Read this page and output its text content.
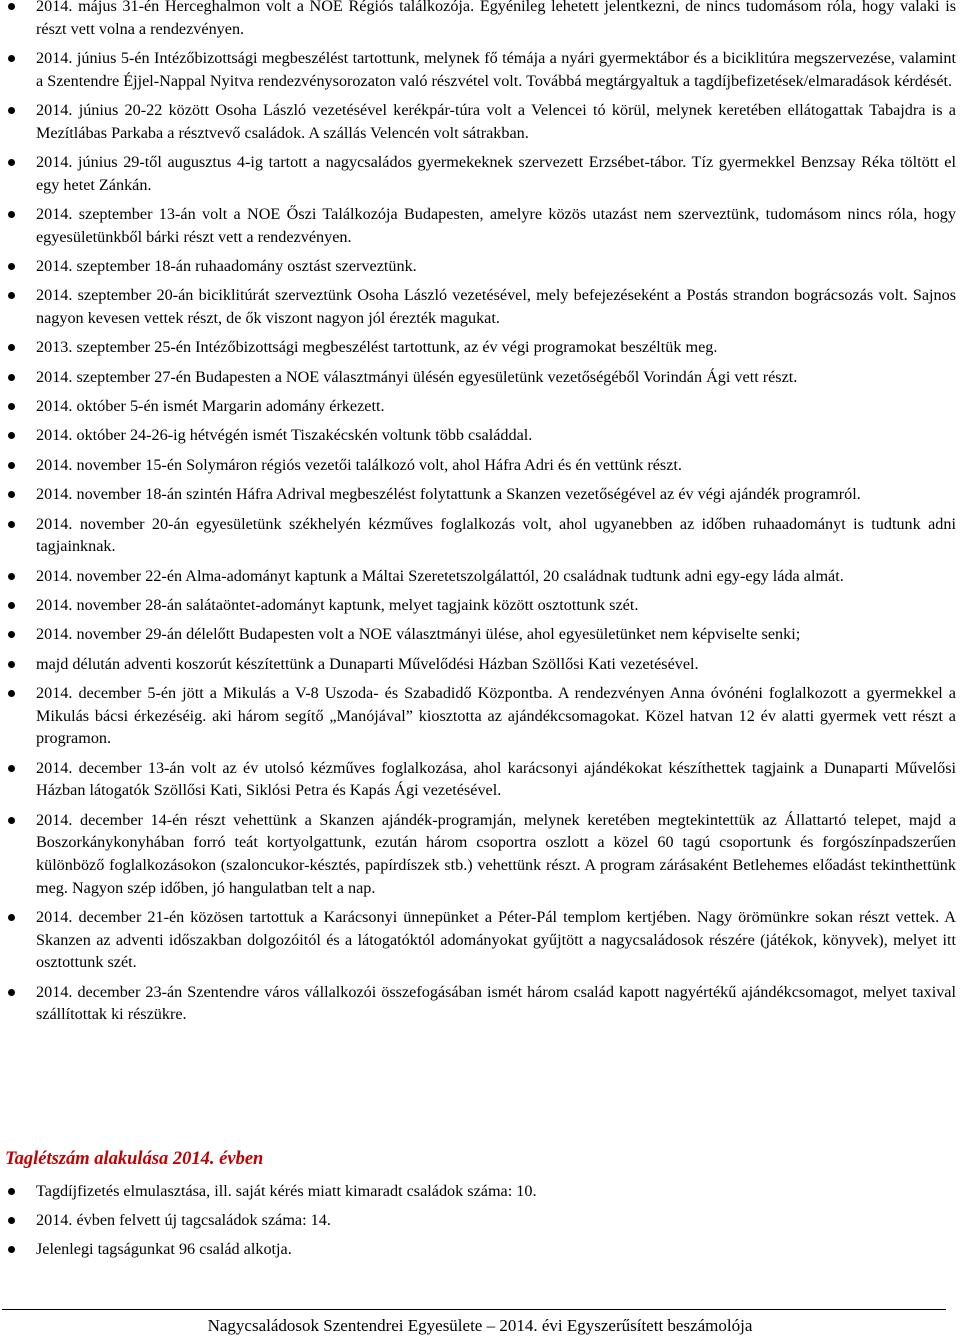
2014. május 31-én Herceghalmon volt a NOE Régiós találkozója. Egyénileg lehetett jelentkezni, de nincs tudomásom róla, hogy valaki is részt vett volna a rendezvényen.
2014. június 5-én Intézőbizottsági megbeszélést tartottunk, melynek fő témája a nyári gyermektábor és a biciklitúra megszervezése, valamint a Szentendre Éjjel-Nappal Nyitva rendezvénysorozaton való részvétel volt. Továbbá megtárgyaltuk a tagdíjbefizetések/elmaradások kérdését.
2014. június 20-22 között Osoha László vezetésével kerékpár-túra volt a Velencei tó körül, melynek keretében ellátogattak Tabajdra is a Mezítlábas Parkaba a résztvevő családok. A szállás Velencén volt sátrakban.
2014. június 29-től augusztus 4-ig tartott a nagycsaládos gyermekeknek szervezett Erzsébet-tábor. Tíz gyermekkel Benzsay Réka töltött el egy hetet Zánkán.
2014. szeptember 13-án volt a NOE Őszi Találkozója Budapesten, amelyre közös utazást nem szerveztünk, tudomásom nincs róla, hogy egyesületünkből bárki részt vett a rendezvényen.
2014. szeptember 18-án ruhaadomány osztást szerveztünk.
2014. szeptember 20-án biciklitúrát szerveztünk Osoha László vezetésével, mely befejezéseként a Postás strandon bográcsozás volt. Sajnos nagyon kevesen vettek részt, de ők viszont nagyon jól érezték magukat.
2013. szeptember 25-én Intézőbizottsági megbeszélést tartottunk, az év végi programokat beszéltük meg.
2014. szeptember 27-én Budapesten a NOE választmányi ülésén egyesületünk vezetőségéből Vorindán Ági vett részt.
2014. október 5-én ismét Margarin adomány érkezett.
2014. október 24-26-ig hétvégén ismét Tiszakécskén voltunk több családdal.
2014. november 15-én Solymáron régiós vezetői találkozó volt, ahol Háfra Adri és én vettünk részt.
2014. november 18-án szintén Háfra Adrival megbeszélést folytattunk a Skanzen vezetőségével az év végi ajándék programról.
2014. november 20-án egyesületünk székhelyén kézműves foglalkozás volt, ahol ugyanebben az időben ruhaadományt is tudtunk adni tagjainknak.
2014. november 22-én Alma-adományt kaptunk a Máltai Szeretetszolgálattól, 20 családnak tudtunk adni egy-egy láda almát.
2014. november 28-án salátaöntet-adományt kaptunk, melyet tagjaink között osztottunk szét.
2014. november 29-án délelőtt Budapesten volt a NOE választmányi ülése, ahol egyesületünket nem képviselte senki;
majd délután adventi koszorút készítettünk a Dunaparti Művelődési Házban Szöllősi Kati vezetésével.
2014. december 5-én jött a Mikulás a V-8 Uszoda- és Szabadidő Központba. A rendezvényen Anna óvónéni foglalkozott a gyermekkel a Mikulás bácsi érkezéséig. aki három segítő „Manójával” kiosztotta az ajándékcsomagokat. Közel hatvan 12 év alatti gyermek vett részt a programon.
2014. december 13-án volt az év utolsó kézműves foglalkozása, ahol karácsonyi ajándékokat készíthettek tagjaink a Dunaparti Művelősi Házban látogatók Szöllősi Kati, Siklósi Petra és Kapás Ági vezetésével.
2014. december 14-én részt vehettünk a Skanzen ajándék-programján, melynek keretében megtekintettük az Állattartó telepet, majd a Boszorkánykonyhában forró teát kortyolgattunk, ezután három csoportra oszlott a közel 60 tagú csoportunk és forgószínpadszerűen különböző foglalkozásokon (szaloncukor-késztés, papírdíszek stb.) vehettünk részt. A program zárásaként Betlehemes előadást tekinthettünk meg. Nagyon szép időben, jó hangulatban telt a nap.
2014. december 21-én közösen tartottuk a Karácsonyi ünnepünket a Péter-Pál templom kertjében. Nagy örömünkre sokan részt vettek. A Skanzen az adventi időszakban dolgozóitól és a látogatóktól adományokat gyűjtött a nagycsaládosok részére (játékok, könyvek), melyet itt osztottunk szét.
2014. december 23-án Szentendre város vállalkozói összefogásában ismét három család kapott nagyértékű ajándékcsomagot, melyet taxival szállítottak ki részükre.
Taglétszám alakulása 2014. évben
Tagdíjfizetés elmulasztása, ill. saját kérés miatt kimaradt családok száma: 10.
2014. évben felvett új tagcsaládok száma: 14.
Jelenlegi tagságunkat 96 család alkotja.
Nagycsaládosok Szentendrei Egyesülete – 2014. évi Egyszerűsített beszámolója
